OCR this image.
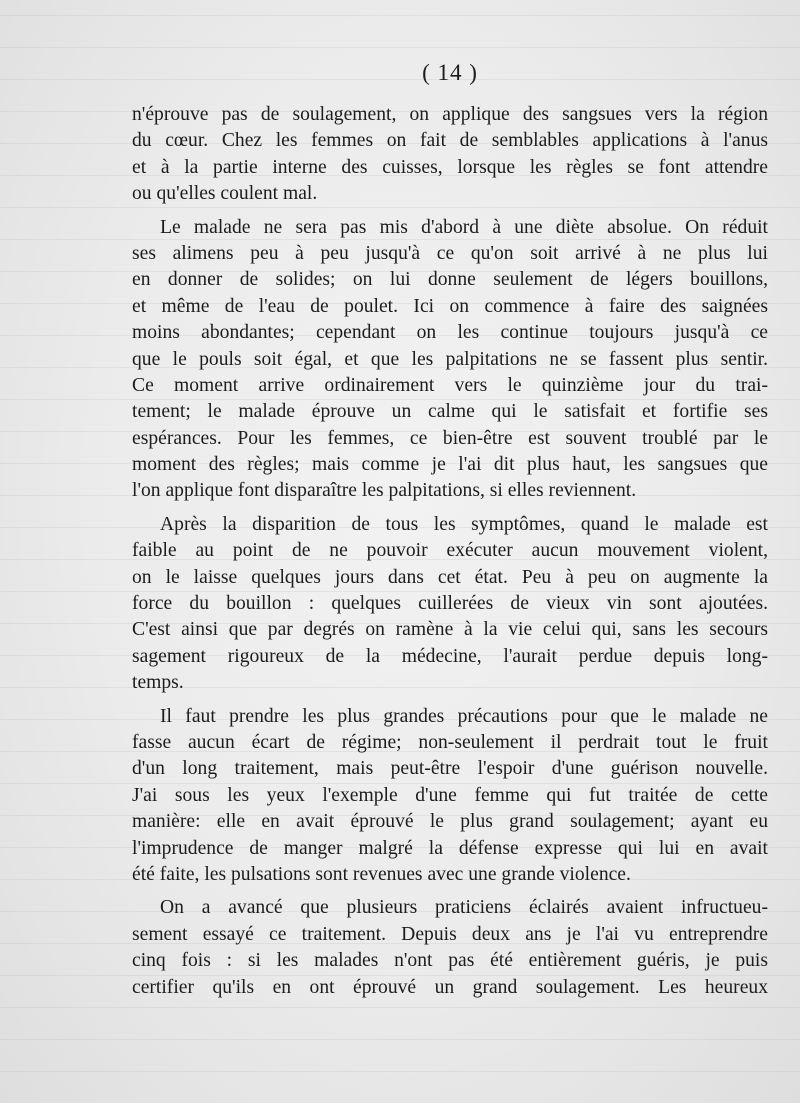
( 14 )
n'éprouve pas de soulagement, on applique des sangsues vers la région
du cœur. Chez les femmes on fait de semblables applications à l'anus
et à la partie interne des cuisses, lorsque les règles se font attendre
ou qu'elles coulent mal.
Le malade ne sera pas mis d'abord à une diète absolue. On réduit
ses alimens peu à peu jusqu'à ce qu'on soit arrivé à ne plus lui
en donner de solides; on lui donne seulement de légers bouillons,
et même de l'eau de poulet. Ici on commence à faire des saignées
moins abondantes; cependant on les continue toujours jusqu'à ce
que le pouls soit égal, et que les palpitations ne se fassent plus sentir.
Ce moment arrive ordinairement vers le quinzième jour du trai-
tement; le malade éprouve un calme qui le satisfait et fortifie ses
espérances. Pour les femmes, ce bien-être est souvent troublé par le
moment des règles; mais comme je l'ai dit plus haut, les sangsues que
l'on applique font disparaître les palpitations, si elles reviennent.
Après la disparition de tous les symptômes, quand le malade est
faible au point de ne pouvoir exécuter aucun mouvement violent,
on le laisse quelques jours dans cet état. Peu à peu on augmente la
force du bouillon : quelques cuillerées de vieux vin sont ajoutées.
C'est ainsi que par degrés on ramène à la vie celui qui, sans les secours
sagement rigoureux de la médecine, l'aurait perdue depuis long-
temps.
Il faut prendre les plus grandes précautions pour que le malade ne
fasse aucun écart de régime; non-seulement il perdrait tout le fruit
d'un long traitement, mais peut-être l'espoir d'une guérison nouvelle.
J'ai sous les yeux l'exemple d'une femme qui fut traitée de cette
manière: elle en avait éprouvé le plus grand soulagement; ayant eu
l'imprudence de manger malgré la défense expresse qui lui en avait
été faite, les pulsations sont revenues avec une grande violence.
On a avancé que plusieurs praticiens éclairés avaient infructueu-
sement essayé ce traitement. Depuis deux ans je l'ai vu entreprendre
cinq fois : si les malades n'ont pas été entièrement guéris, je puis
certifier qu'ils en ont éprouvé un grand soulagement. Les heureux
